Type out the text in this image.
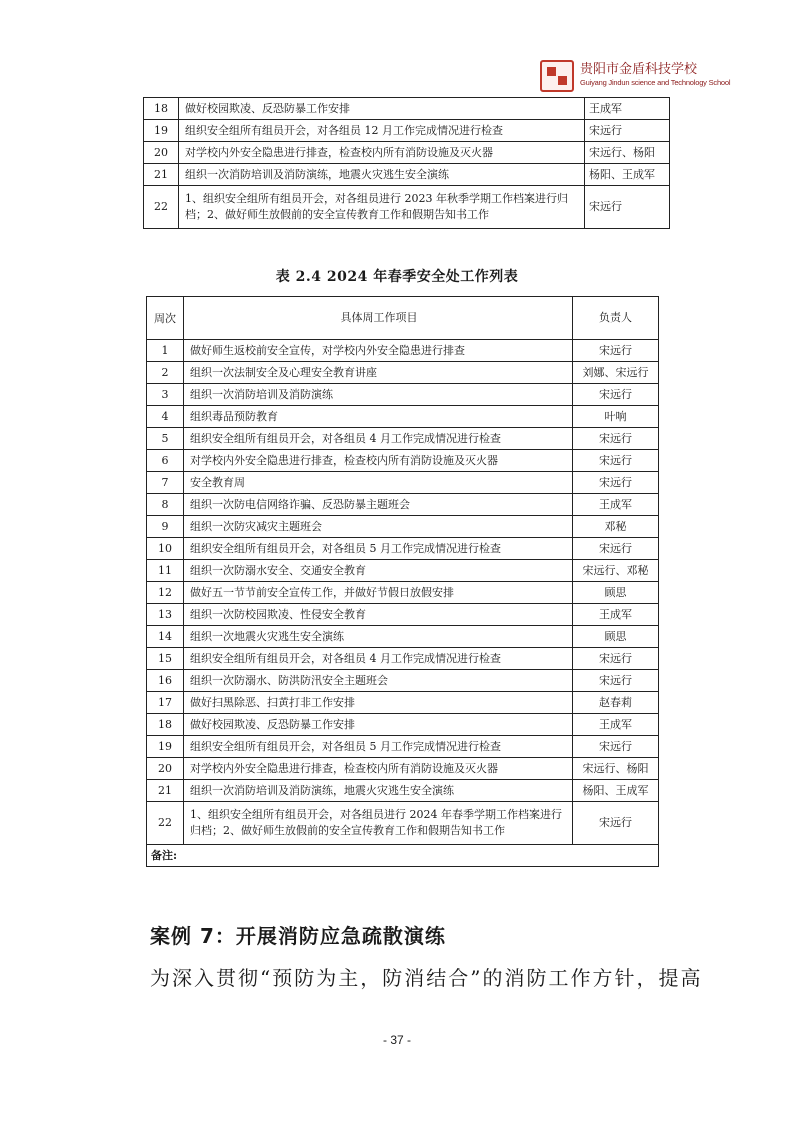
贵阳市金盾科技学校
Guiyang Jindun science and Technology School
18	做好校园欺凌、反恐防暴工作安排	王成军
19	组织安全组所有组员开会，对各组员 12 月工作完成情况进行检查	宋远行
20	对学校内外安全隐患进行排查，检查校内所有消防设施及灭火器	宋远行、杨阳
21	组织一次消防培训及消防演练，地震火灾逃生安全演练	杨阳、王成军
22	1、组织安全组所有组员开会，对各组员进行 2023 年秋季学期工作档案进行归档；2、做好师生放假前的安全宣传教育工作和假期告知书工作	宋远行
表 2.4 2024 年春季安全处工作列表
周次	具体周工作项目	负责人
1	做好师生返校前安全宣传，对学校内外安全隐患进行排查	宋远行
2	组织一次法制安全及心理安全教育讲座	刘娜、宋远行
3	组织一次消防培训及消防演练	宋远行
4	组织毒品预防教育	叶响
5	组织安全组所有组员开会，对各组员 4 月工作完成情况进行检查	宋远行
6	对学校内外安全隐患进行排查，检查校内所有消防设施及灭火器	宋远行
7	安全教育周	宋远行
8	组织一次防电信网络诈骗、反恐防暴主题班会	王成军
9	组织一次防灾减灾主题班会	邓秘
10	组织安全组所有组员开会，对各组员 5 月工作完成情况进行检查	宋远行
11	组织一次防溺水安全、交通安全教育	宋远行、邓秘
12	做好五一节节前安全宣传工作，并做好节假日放假安排	顾思
13	组织一次防校园欺凌、性侵安全教育	王成军
14	组织一次地震火灾逃生安全演练	顾思
15	组织安全组所有组员开会，对各组员 4 月工作完成情况进行检查	宋远行
16	组织一次防溺水、防洪防汛安全主题班会	宋远行
17	做好扫黑除恶、扫黄打非工作安排	赵春莉
18	做好校园欺凌、反恐防暴工作安排	王成军
19	组织安全组所有组员开会，对各组员 5 月工作完成情况进行检查	宋远行
20	对学校内外安全隐患进行排查，检查校内所有消防设施及灭火器	宋远行、杨阳
21	组织一次消防培训及消防演练，地震火灾逃生安全演练	杨阳、王成军
22	1、组织安全组所有组员开会，对各组员进行 2024 年春季学期工作档案进行归档；2、做好师生放假前的安全宣传教育工作和假期告知书工作	宋远行
备注:		
案例 7：开展消防应急疏散演练
为深入贯彻“预防为主，防消结合”的消防工作方针，提高
- 37 -
